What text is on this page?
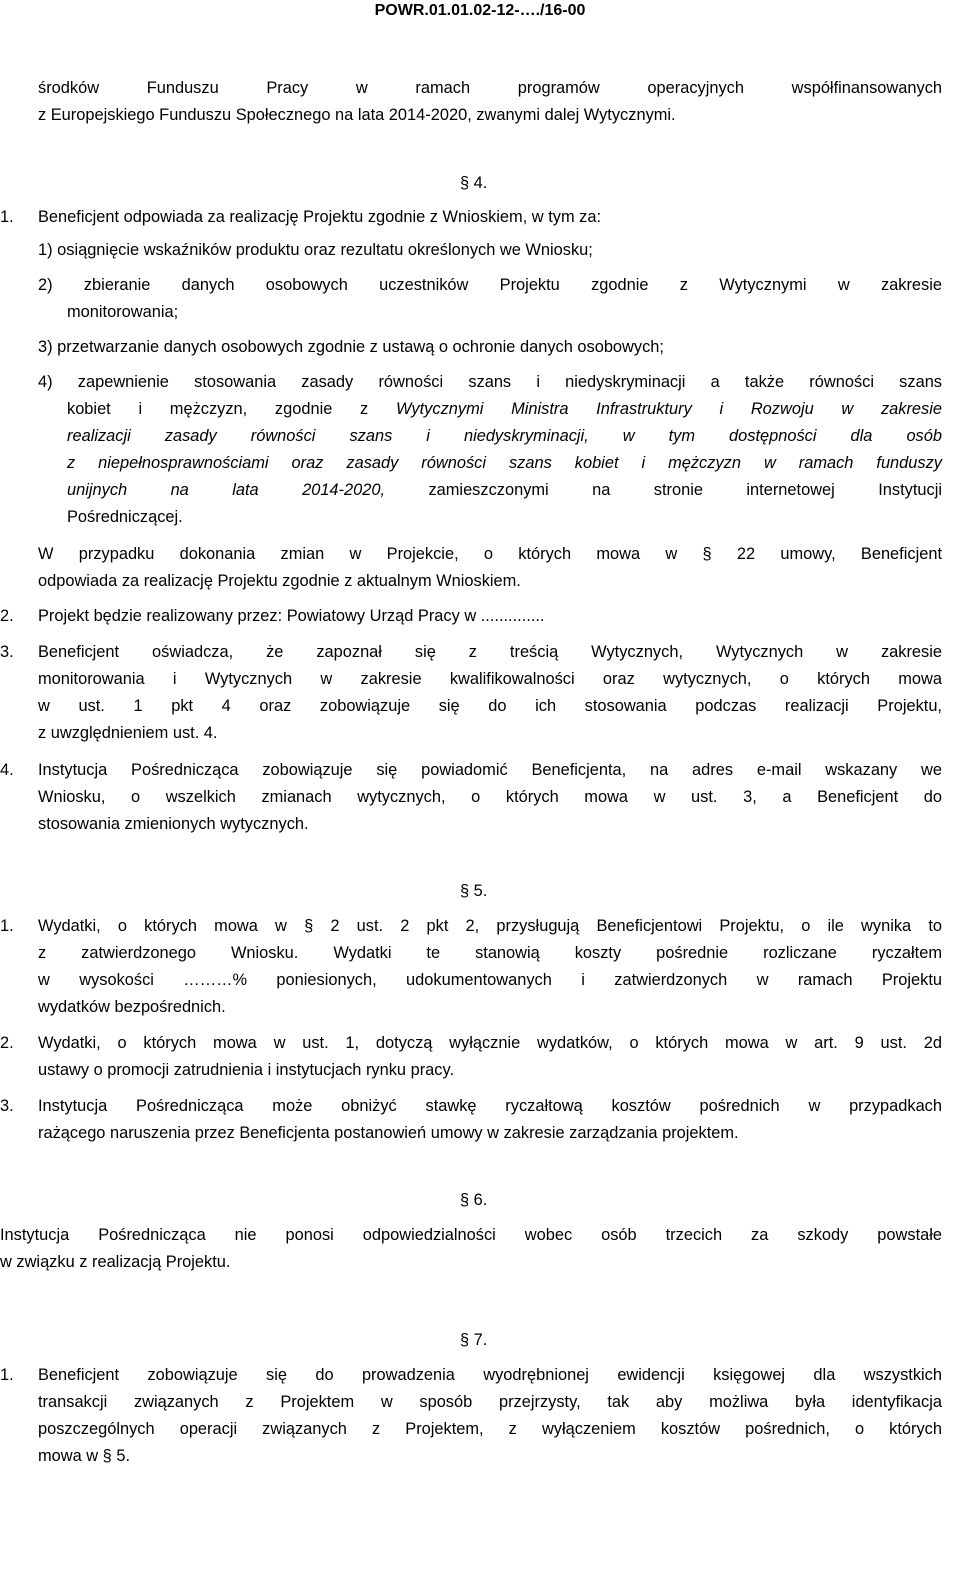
POWR.01.01.02-12-…./16-00
środków Funduszu Pracy w ramach programów operacyjnych współfinansowanych
z Europejskiego Funduszu Społecznego na lata 2014-2020, zwanymi dalej Wytycznymi.
§ 4.
1.	Beneficjent odpowiada za realizację Projektu zgodnie z Wnioskiem, w tym za:
1) osiągnięcie wskaźników produktu oraz rezultatu określonych we Wniosku;
2) zbieranie danych osobowych uczestników Projektu zgodnie z Wytycznymi w zakresie
monitorowania;
3) przetwarzanie danych osobowych zgodnie z ustawą o ochronie danych osobowych;
4) zapewnienie stosowania zasady równości szans i niedyskryminacji a także równości szans
kobiet i mężczyzn, zgodnie z Wytycznymi Ministra Infrastruktury i Rozwoju w zakresie
realizacji zasady równości szans i niedyskryminacji, w tym dostępności dla osób
z niepełnosprawnościami oraz zasady równości szans kobiet i mężczyzn w ramach funduszy
unijnych na lata 2014-2020, zamieszczonymi na stronie internetowej Instytucji
Pośredniczącej.
W przypadku dokonania zmian w Projekcie, o których mowa w § 22 umowy, Beneficjent
odpowiada za realizację Projektu zgodnie z aktualnym Wnioskiem.
2.	Projekt będzie realizowany przez: Powiatowy Urząd Pracy w ..............
3.	Beneficjent oświadcza, że zapoznał się z treścią Wytycznych, Wytycznych w zakresie
monitorowania i Wytycznych w zakresie kwalifikowalności oraz wytycznych, o których mowa
w ust. 1 pkt 4 oraz zobowiązuje się do ich stosowania podczas realizacji Projektu,
z uwzględnieniem ust. 4.
4.	Instytucja Pośrednicząca zobowiązuje się powiadomić Beneficjenta, na adres e-mail wskazany we
Wniosku, o wszelkich zmianach wytycznych, o których mowa w ust. 3, a Beneficjent do
stosowania zmienionych wytycznych.
§ 5.
1.	Wydatki, o których mowa w § 2 ust. 2 pkt 2, przysługują Beneficjentowi Projektu, o ile wynika to
z zatwierdzonego Wniosku. Wydatki te stanowią koszty pośrednie rozliczane ryczałtem
w wysokości ………% poniesionych, udokumentowanych i zatwierdzonych w ramach Projektu
wydatków bezpośrednich.
2.	Wydatki, o których mowa w ust. 1, dotyczą wyłącznie wydatków, o których mowa w art. 9 ust. 2d
ustawy o promocji zatrudnienia i instytucjach rynku pracy.
3.	Instytucja Pośrednicząca może obniżyć stawkę ryczałtową kosztów pośrednich w przypadkach
rażącego naruszenia przez Beneficjenta postanowień umowy w zakresie zarządzania projektem.
§ 6.
Instytucja Pośrednicząca nie ponosi odpowiedzialności wobec osób trzecich za szkody powstałe
w związku z realizacją Projektu.
§ 7.
1.	Beneficjent zobowiązuje się do prowadzenia wyodrębnionej ewidencji księgowej dla wszystkich
transakcji związanych z Projektem w sposób przejrzysty, tak aby możliwa była identyfikacja
poszczególnych operacji związanych z Projektem, z wyłączeniem kosztów pośrednich, o których
mowa w § 5.
